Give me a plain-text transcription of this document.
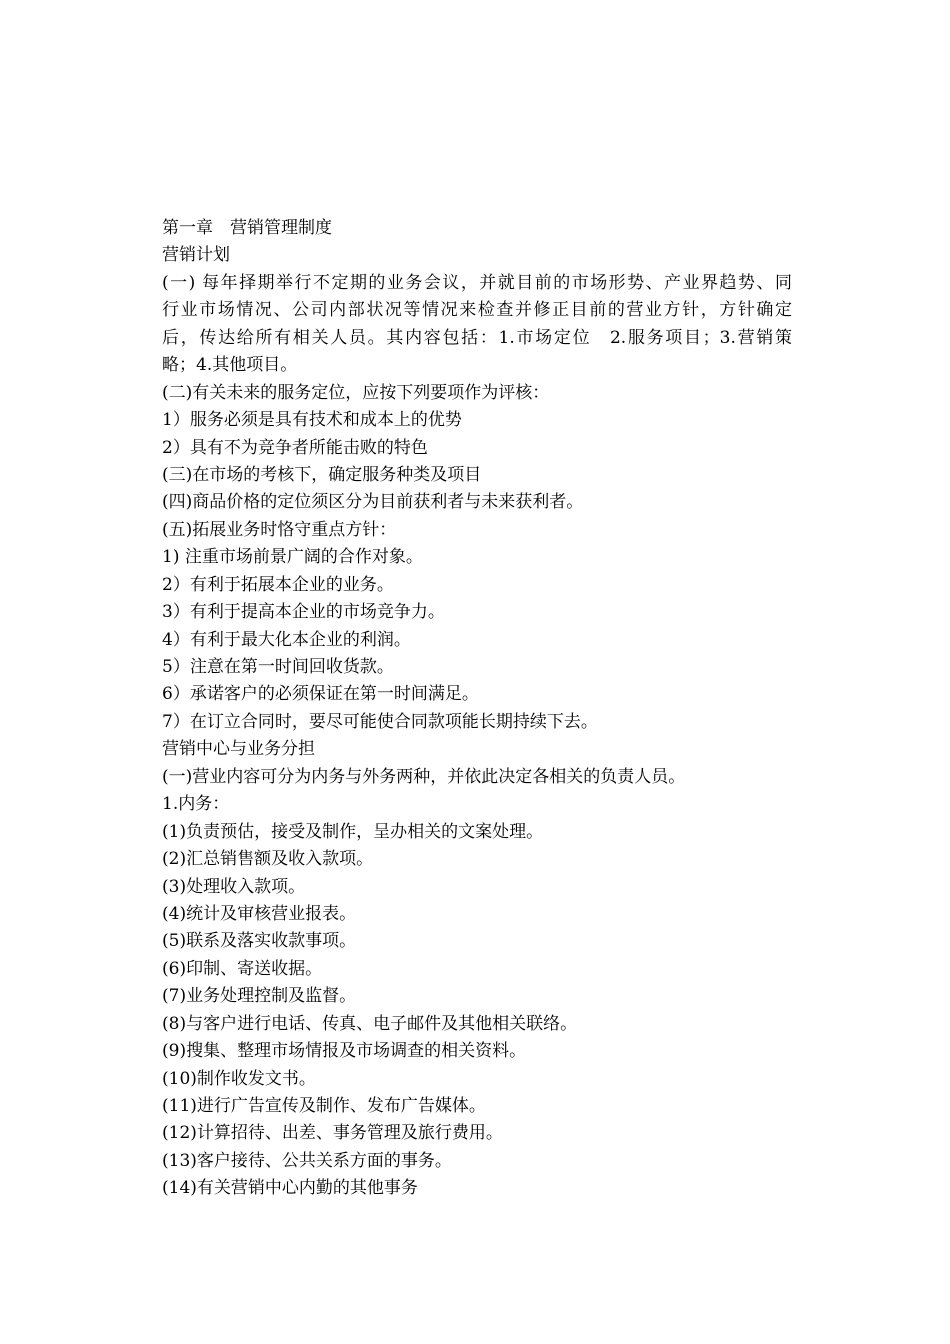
第一章　营销管理制度
营销计划
(一) 每年择期举行不定期的业务会议，并就目前的市场形势、产业界趋势、同
行业市场情况、公司内部状况等情况来检查并修正目前的营业方针，方针确定
后，传达给所有相关人员。其内容包括：1.市场定位　2.服务项目；3.营销策
略；4.其他项目。
(二)有关未来的服务定位，应按下列要项作为评核：
1）服务必须是具有技术和成本上的优势
2）具有不为竞争者所能击败的特色
(三)在市场的考核下，确定服务种类及项目
(四)商品价格的定位须区分为目前获利者与未来获利者。
(五)拓展业务时恪守重点方针：
1) 注重市场前景广阔的合作对象。
2）有利于拓展本企业的业务。
3）有利于提高本企业的市场竞争力。
4）有利于最大化本企业的利润。
5）注意在第一时间回收货款。
6）承诺客户的必须保证在第一时间满足。
7）在订立合同时，要尽可能使合同款项能长期持续下去。
营销中心与业务分担
(一)营业内容可分为内务与外务两种，并依此决定各相关的负责人员。
1.内务：
(1)负责预估，接受及制作，呈办相关的文案处理。
(2)汇总销售额及收入款项。
(3)处理收入款项。
(4)统计及审核营业报表。
(5)联系及落实收款事项。
(6)印制、寄送收据。
(7)业务处理控制及监督。
(8)与客户进行电话、传真、电子邮件及其他相关联络。
(9)搜集、整理市场情报及市场调查的相关资料。
(10)制作收发文书。
(11)进行广告宣传及制作、发布广告媒体。
(12)计算招待、出差、事务管理及旅行费用。
(13)客户接待、公共关系方面的事务。
(14)有关营销中心内勤的其他事务
